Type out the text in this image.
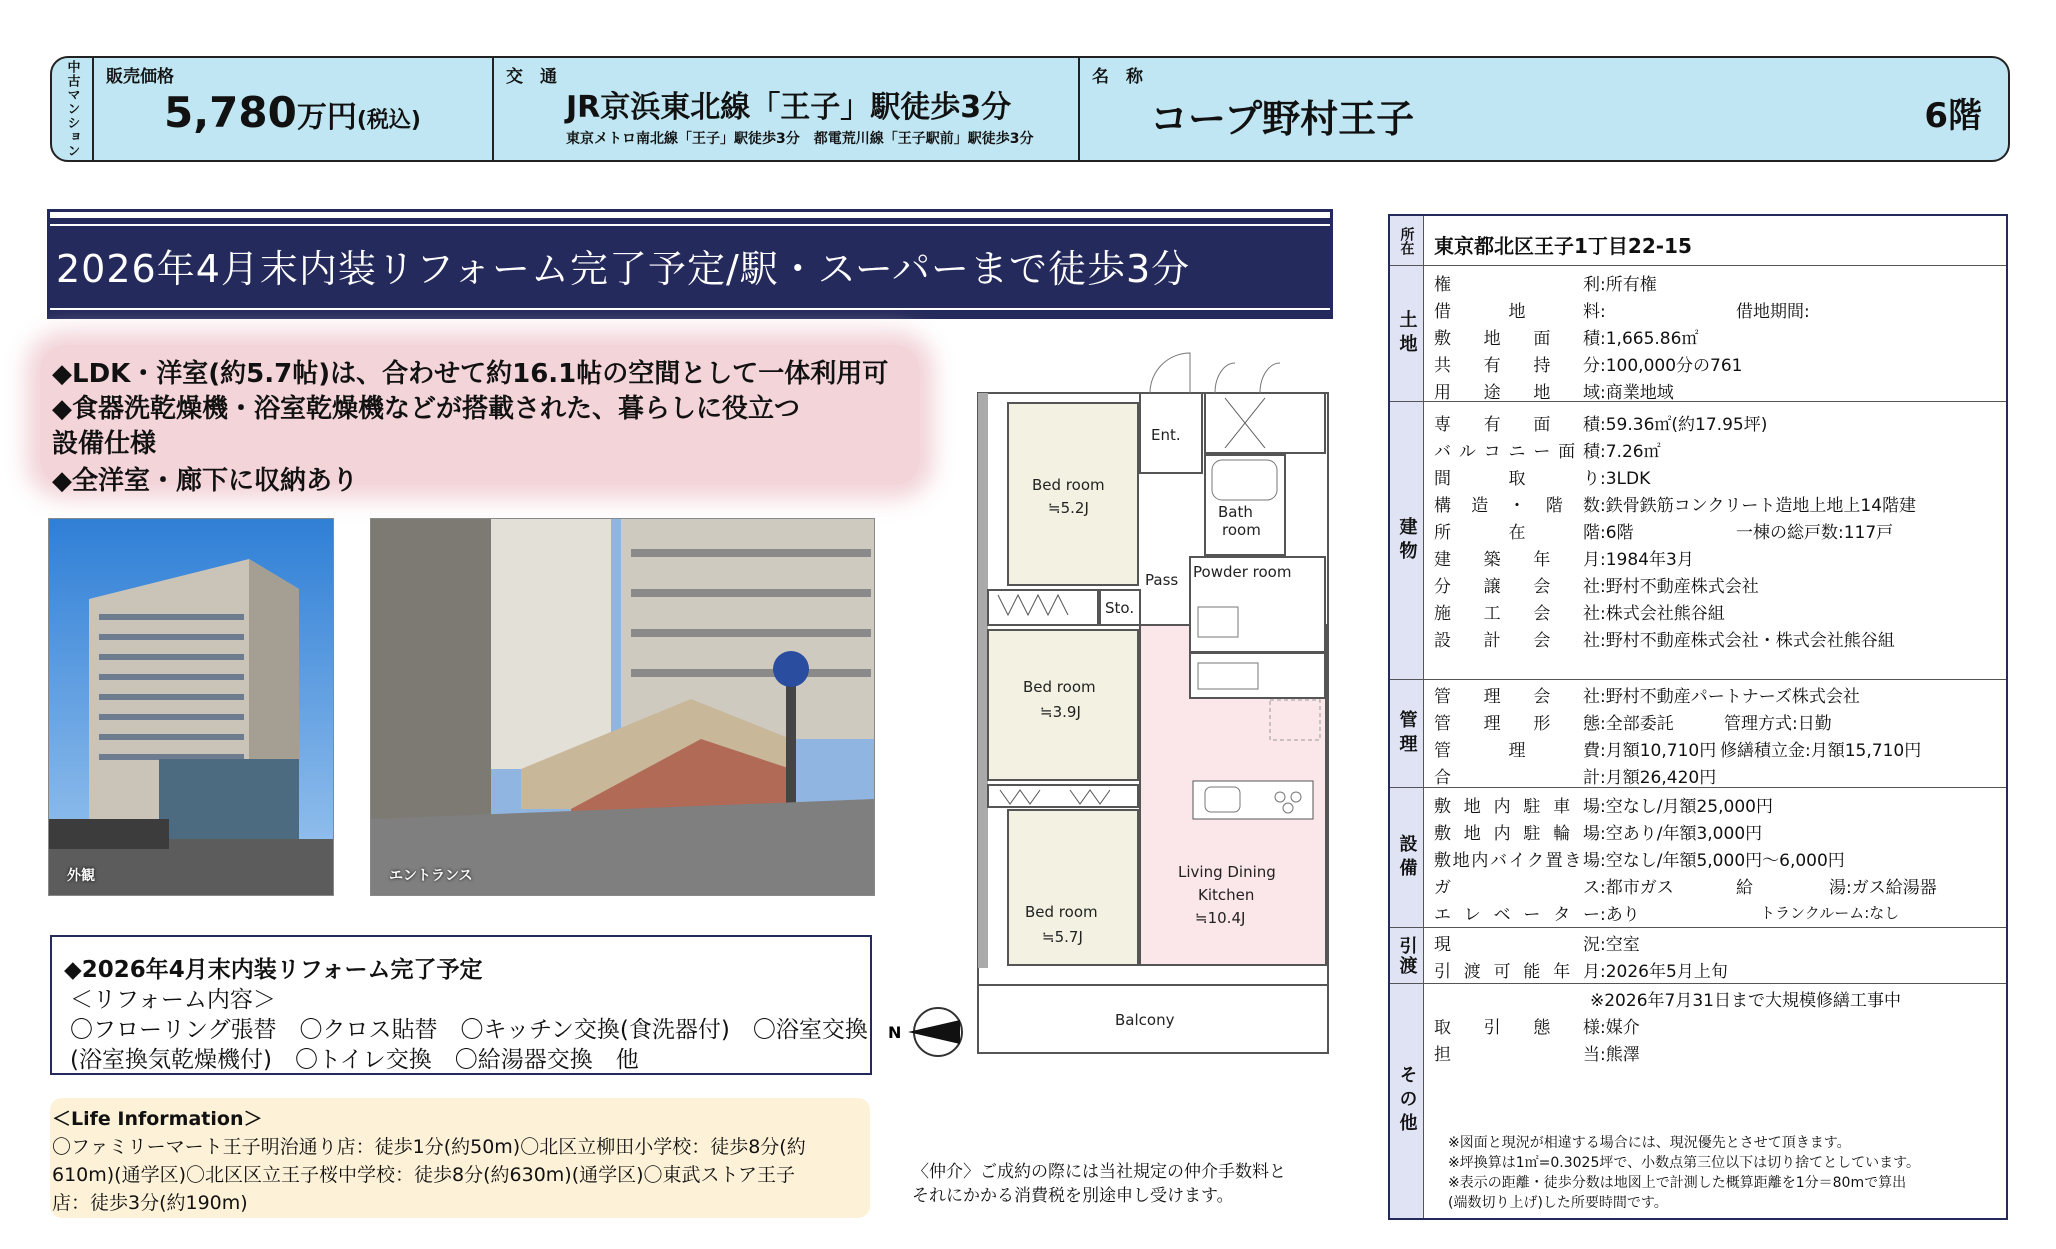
中古マンション	販売価格
5,780万円(税込)
交　通
JR京浜東北線「王子」駅徒歩3分
東京メトロ南北線「王子」駅徒歩3分　都電荒川線「王子駅前」駅徒歩3分
名　称
コープ野村王子	6階
2026年4月末内装リフォーム完了予定/駅・スーパーまで徒歩3分
◆LDK・洋室(約5.7帖)は、合わせて約16.1帖の空間として一体利用可
◆食器洗乾燥機・浴室乾燥機などが搭載された、暮らしに役立つ
設備仕様
◆全洋室・廊下に収納あり
外観	エントランス
◆2026年4月末内装リフォーム完了予定
＜リフォーム内容＞
〇フローリング張替　〇クロス貼替　〇キッチン交換(食洗器付)　〇浴室交換
(浴室換気乾燥機付)　〇トイレ交換　〇給湯器交換　他
＜Life Information＞
〇ファミリーマート王子明治通り店：徒歩1分(約50m)〇北区立柳田小学校：徒歩8分(約
610m)(通学区)〇北区区立王子桜中学校：徒歩8分(約630m)(通学区)〇東武ストア王子
店：徒歩3分(約190m)
Ent.
Bath
room
Pass Powder room
Sto.
Bed room
≒5.2J
Bed room
≒3.9J
Bed room
≒5.7J
Living Dining
Kitchen
≒10.4J
Balcony
N
〈仲介〉ご成約の際には当社規定の仲介手数料と
それにかかる消費税を別途申し受けます。
所在 東京都北区王子1丁目22-15
土地
権利:所有権
借地料:	借地期間:
敷地面積:1,665.86㎡
共有持分:100,000分の761
用途地域:商業地域
建物
専有面積:59.36㎡(約17.95坪)
バルコニー面積:7.26㎡
間取り:3LDK
構造・階数:鉄骨鉄筋コンクリート造地上地上14階建
所在階:6階	一棟の総戸数:117戸
建築年月:1984年3月
分譲会社:野村不動産株式会社
施工会社:株式会社熊谷組
設計会社:野村不動産株式会社・株式会社熊谷組
管理
管理会社:野村不動産パートナーズ株式会社
管理形態:全部委託	管理方式:日勤
管理費:月額10,710円 修繕積立金:月額15,710円
合計:月額26,420円
設備
敷地内駐車場:空なし/月額25,000円
敷地内駐輪場:空あり/年額3,000円
敷地内バイク置き場:空なし/年額5,000円～6,000円
ガス:都市ガス	給湯:ガス給湯器
エレベーター:あり	トランクルーム:なし
引渡 現況:空室
引渡可能年月:2026年5月上旬
その他
※2026年7月31日まで大規模修繕工事中
取引態様:媒介
担当:熊澤
※図面と現況が相違する場合には、現況優先とさせて頂きます。
※坪換算は1㎡=0.3025坪で、小数点第三位以下は切り捨てとしています。
※表示の距離・徒歩分数は地図上で計測した概算距離を1分＝80mで算出
(端数切り上げ)した所要時間です。
